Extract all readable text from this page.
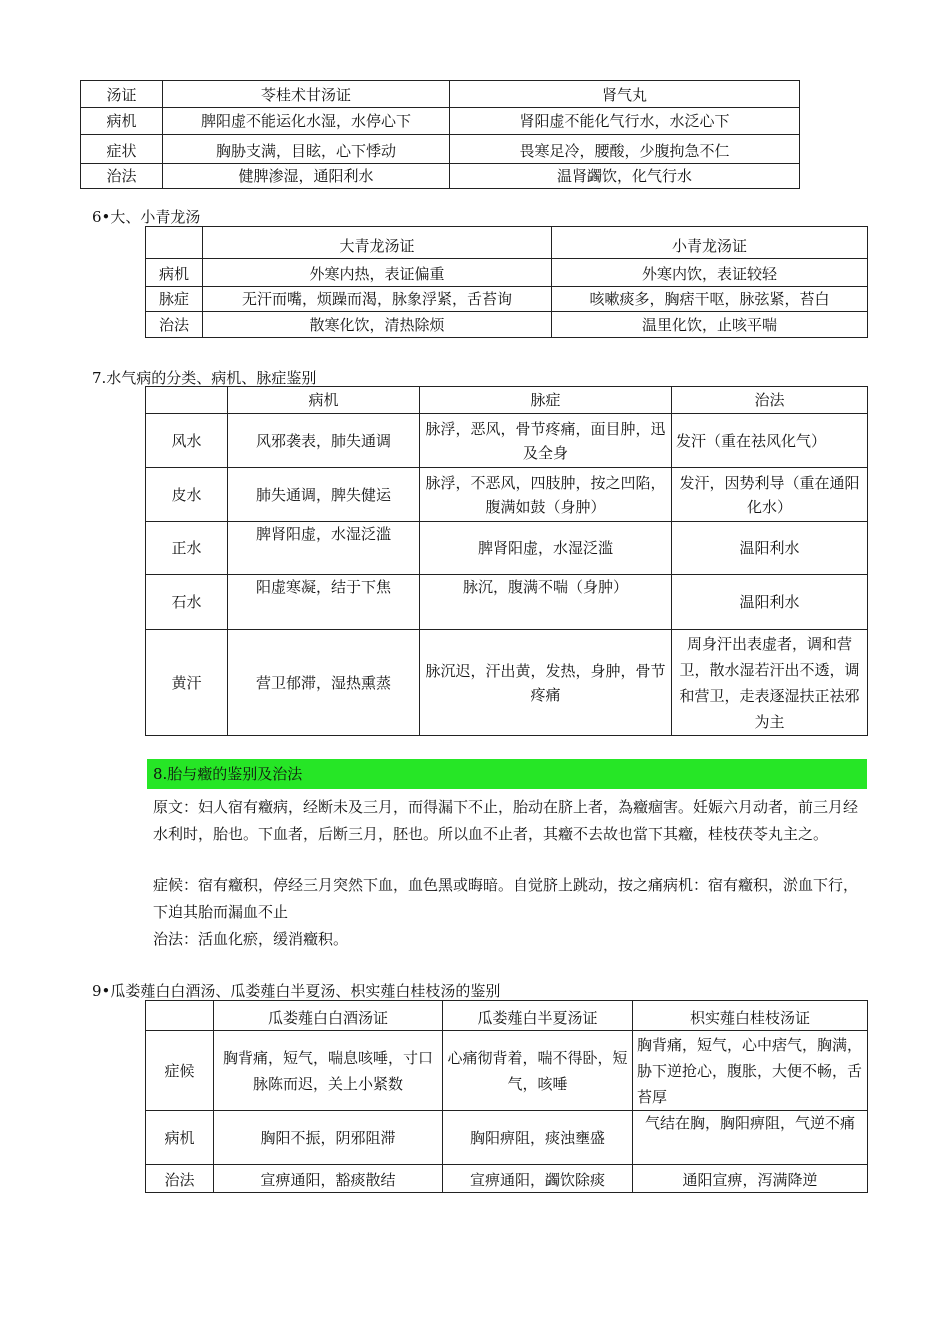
汤证	苓桂术甘汤证	肾气丸
病机	脾阳虚不能运化水湿，水停心下	肾阳虚不能化气行水，水泛心下
症状	胸胁支满，目眩，心下悸动	畏寒足冷，腰酸，少腹拘急不仁
治法	健脾渗湿，通阳利水	温肾蠲饮，化气行水
6•大、小青龙汤
	大青龙汤证	小青龙汤证
病机	外寒内热，表证偏重	外寒内饮，表证较轻
脉症	无汗而嘴，烦躁而渴，脉象浮紧，舌苔询	咳嗽痰多，胸痞干呕，脉弦紧，苔白
治法	散寒化饮，清热除烦	温里化饮，止咳平喘
7.水气病的分类、病机、脉症鉴别
	病机	脉症	治法
风水	风邪袭表，肺失通调	脉浮，恶风，骨节疼痛，面目肿，迅及全身	发汗（重在祛风化气）
皮水	肺失通调，脾失健运	脉浮，不恶风，四肢肿，按之凹陷，腹满如鼓（身肿）	发汗，因势利导（重在通阳化水）
正水	脾肾阳虚，水湿泛滥	脾肾阳虚，水湿泛滥	温阳利水
石水	阳虚寒凝，结于下焦	脉沉，腹满不喘（身肿）	温阳利水
黄汗	营卫郁滞，湿热熏蒸	脉沉迟，汗出黄，发热，身肿，骨节疼痛	周身汗出表虚者，调和营卫，散水湿若汗出不透，调和营卫，走表逐湿扶正祛邪为主
8.胎与癥的鉴别及治法
原文：妇人宿有癥病，经断未及三月，而得漏下不止，胎动在脐上者，為癥痼害。妊娠六月动者，前三月经水利时，胎也。下血者，后断三月，胚也。所以血不止者，其癥不去故也當下其癥，桂枝茯苓丸主之。
症候：宿有癥积，停经三月突然下血，血色黑或晦暗。自觉脐上跳动，按之痛病机：宿有癥积，淤血下行，下迫其胎而漏血不止
治法：活血化瘀，缓消癥积。
9•瓜娄薤白白酒汤、瓜娄薤白半夏汤、枳实薤白桂枝汤的鉴别
	瓜娄薤白白酒汤证	瓜娄薤白半夏汤证	枳实薤白桂枝汤证
症候	胸背痛，短气，喘息咳唾，寸口脉陈而迟，关上小紧数	心痛彻背着，喘不得卧，短气，咳唾	胸背痛，短气，心中痞气，胸满，胁下逆抢心，腹胀，大便不畅，舌苔厚
病机	胸阳不振，阴邪阻滞	胸阳痹阻，痰浊壅盛	气结在胸，胸阳痹阻，气逆不痛
治法	宣痹通阳，豁痰散结	宣痹通阳，蠲饮除痰	通阳宣痹，泻满降逆
